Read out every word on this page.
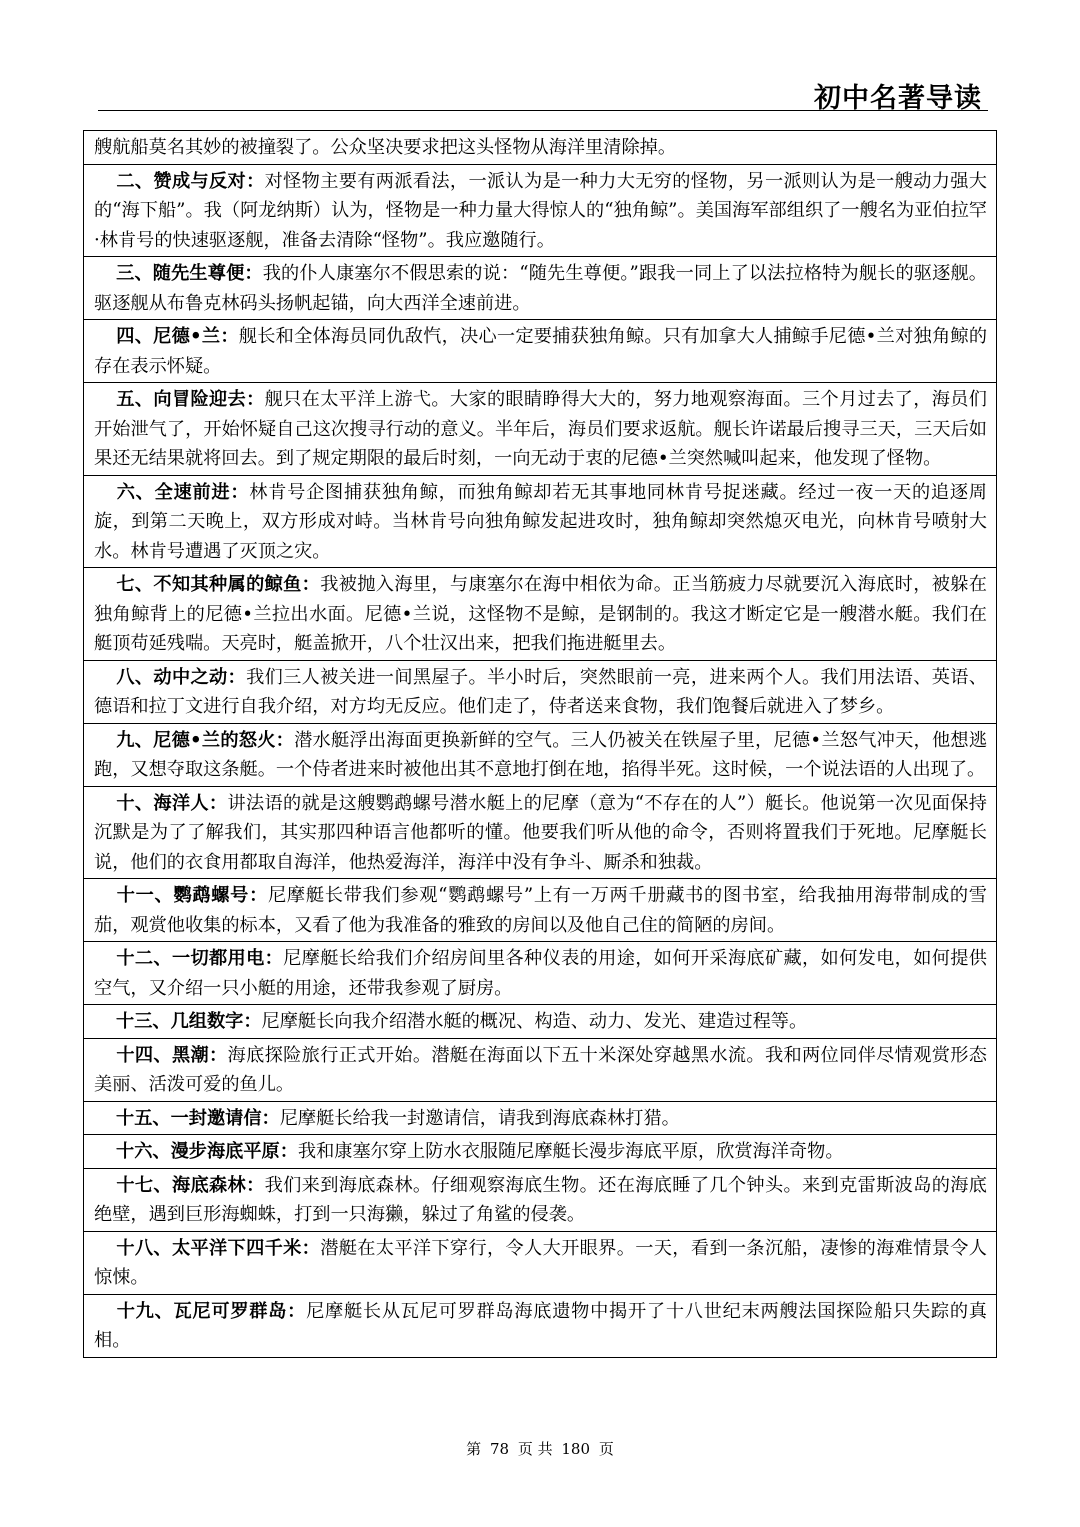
初中名著导读
艘航船莫名其妙的被撞裂了。公众坚决要求把这头怪物从海洋里清除掉。
二、赞成与反对：对怪物主要有两派看法，一派认为是一种力大无穷的怪物，另一派则认为是一艘动力强大的“海下船”。我（阿龙纳斯）认为，怪物是一种力量大得惊人的“独角鲸”。美国海军部组织了一艘名为亚伯拉罕·林肯号的快速驱逐舰，准备去清除“怪物”。我应邀随行。
三、随先生尊便：我的仆人康塞尔不假思索的说：“随先生尊便。”跟我一同上了以法拉格特为舰长的驱逐舰。驱逐舰从布鲁克林码头扬帆起锚，向大西洋全速前进。
四、尼德•兰：舰长和全体海员同仇敌忾，决心一定要捕获独角鲸。只有加拿大人捕鲸手尼德•兰对独角鲸的存在表示怀疑。
五、向冒险迎去：舰只在太平洋上游弋。大家的眼睛睁得大大的，努力地观察海面。三个月过去了，海员们开始泄气了，开始怀疑自己这次搜寻行动的意义。半年后，海员们要求返航。舰长许诺最后搜寻三天，三天后如果还无结果就将回去。到了规定期限的最后时刻，一向无动于衷的尼德•兰突然喊叫起来，他发现了怪物。
六、全速前进：林肯号企图捕获独角鲸，而独角鲸却若无其事地同林肯号捉迷藏。经过一夜一天的追逐周旋，到第二天晚上，双方形成对峙。当林肯号向独角鲸发起进攻时，独角鲸却突然熄灭电光，向林肯号喷射大水。林肯号遭遇了灭顶之灾。
七、不知其种属的鲸鱼：我被抛入海里，与康塞尔在海中相依为命。正当筋疲力尽就要沉入海底时，被躲在独角鲸背上的尼德•兰拉出水面。尼德•兰说，这怪物不是鲸，是钢制的。我这才断定它是一艘潜水艇。我们在艇顶苟延残喘。天亮时，艇盖掀开，八个壮汉出来，把我们拖进艇里去。
八、动中之动：我们三人被关进一间黑屋子。半小时后，突然眼前一亮，进来两个人。我们用法语、英语、德语和拉丁文进行自我介绍，对方均无反应。他们走了，侍者送来食物，我们饱餐后就进入了梦乡。
九、尼德•兰的怒火：潜水艇浮出海面更换新鲜的空气。三人仍被关在铁屋子里，尼德•兰怒气冲天，他想逃跑，又想夺取这条艇。一个侍者进来时被他出其不意地打倒在地，掐得半死。这时候，一个说法语的人出现了。
十、海洋人：讲法语的就是这艘鹦鹉螺号潜水艇上的尼摩（意为“不存在的人”）艇长。他说第一次见面保持沉默是为了了解我们，其实那四种语言他都听的懂。他要我们听从他的命令，否则将置我们于死地。尼摩艇长说，他们的衣食用都取自海洋，他热爱海洋，海洋中没有争斗、厮杀和独裁。
十一、鹦鹉螺号：尼摩艇长带我们参观“鹦鹉螺号”上有一万两千册藏书的图书室，给我抽用海带制成的雪茄，观赏他收集的标本，又看了他为我准备的雅致的房间以及他自己住的简陋的房间。
十二、一切都用电：尼摩艇长给我们介绍房间里各种仪表的用途，如何开采海底矿藏，如何发电，如何提供空气，又介绍一只小艇的用途，还带我参观了厨房。
十三、几组数字：尼摩艇长向我介绍潜水艇的概况、构造、动力、发光、建造过程等。
十四、黑潮：海底探险旅行正式开始。潜艇在海面以下五十米深处穿越黑水流。我和两位同伴尽情观赏形态美丽、活泼可爱的鱼儿。
十五、一封邀请信：尼摩艇长给我一封邀请信，请我到海底森林打猎。
十六、漫步海底平原：我和康塞尔穿上防水衣服随尼摩艇长漫步海底平原，欣赏海洋奇物。
十七、海底森林：我们来到海底森林。仔细观察海底生物。还在海底睡了几个钟头。来到克雷斯波岛的海底绝壁，遇到巨形海蜘蛛，打到一只海獭，躲过了角鲨的侵袭。
十八、太平洋下四千米：潜艇在太平洋下穿行，令人大开眼界。一天，看到一条沉船，凄惨的海难情景令人惊悚。
十九、瓦尼可罗群岛：尼摩艇长从瓦尼可罗群岛海底遗物中揭开了十八世纪末两艘法国探险船只失踪的真相。
第 78 页 共 180 页
